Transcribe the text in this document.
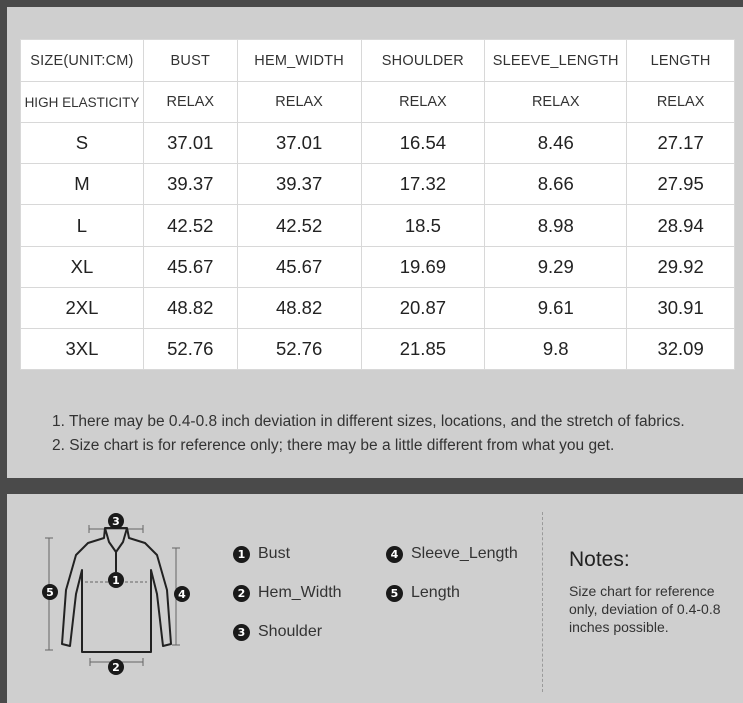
SIZE(UNIT:CM)	BUST	HEM_WIDTH	SHOULDER	SLEEVE_LENGTH	LENGTH
HIGH ELASTICITY	RELAX	RELAX	RELAX	RELAX	RELAX
S	37.01	37.01	16.54	8.46	27.17
M	39.37	39.37	17.32	8.66	27.95
L	42.52	42.52	18.5	8.98	28.94
XL	45.67	45.67	19.69	9.29	29.92
2XL	48.82	48.82	20.87	9.61	30.91
3XL	52.76	52.76	21.85	9.8	32.09
1. There may be 0.4-0.8 inch deviation in different sizes, locations, and the stretch of fabrics.
2. Size chart is for reference only; there may be a little different from what you get.
1
2
3
4
5
1 Bust
2 Hem_Width
3 Shoulder
4 Sleeve_Length
5 Length
Notes:
Size chart for reference only, deviation of 0.4-0.8 inches possible.
